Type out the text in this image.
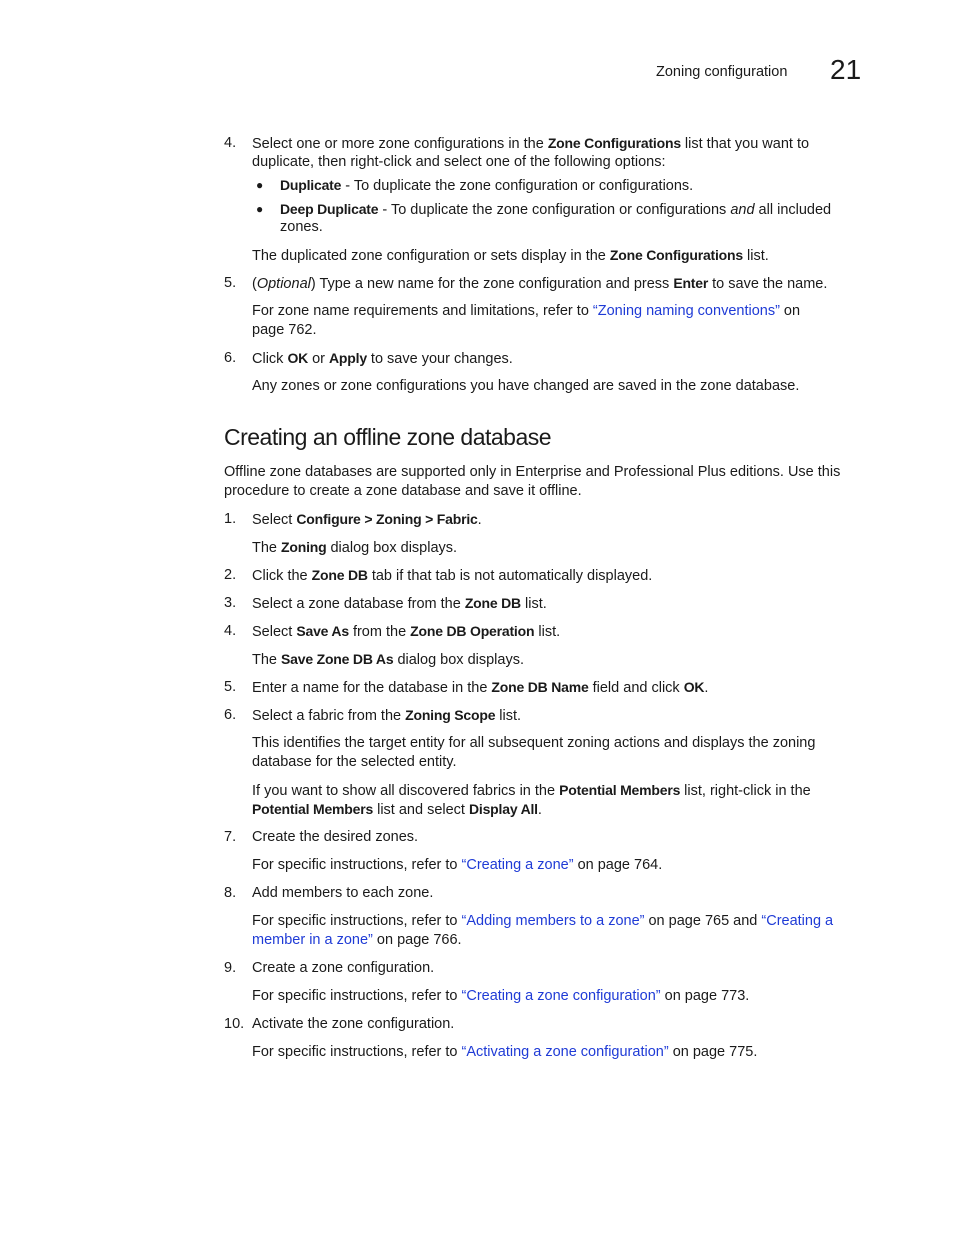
Zoning configuration 21
4. Select one or more zone configurations in the Zone Configurations list that you want to
duplicate, then right-click and select one of the following options:
● Duplicate - To duplicate the zone configuration or configurations.
● Deep Duplicate - To duplicate the zone configuration or configurations and all included
zones.
The duplicated zone configuration or sets display in the Zone Configurations list.
5. (Optional) Type a new name for the zone configuration and press Enter to save the name.
For zone name requirements and limitations, refer to “Zoning naming conventions” on
page 762.
6. Click OK or Apply to save your changes.
Any zones or zone configurations you have changed are saved in the zone database.
Creating an offline zone database
Offline zone databases are supported only in Enterprise and Professional Plus editions. Use this
procedure to create a zone database and save it offline.
1. Select Configure > Zoning > Fabric.
The Zoning dialog box displays.
2. Click the Zone DB tab if that tab is not automatically displayed.
3. Select a zone database from the Zone DB list.
4. Select Save As from the Zone DB Operation list.
The Save Zone DB As dialog box displays.
5. Enter a name for the database in the Zone DB Name field and click OK.
6. Select a fabric from the Zoning Scope list.
This identifies the target entity for all subsequent zoning actions and displays the zoning
database for the selected entity.
If you want to show all discovered fabrics in the Potential Members list, right-click in the
Potential Members list and select Display All.
7. Create the desired zones.
For specific instructions, refer to “Creating a zone” on page 764.
8. Add members to each zone.
For specific instructions, refer to “Adding members to a zone” on page 765 and “Creating a
member in a zone” on page 766.
9. Create a zone configuration.
For specific instructions, refer to “Creating a zone configuration” on page 773.
10. Activate the zone configuration.
For specific instructions, refer to “Activating a zone configuration” on page 775.
